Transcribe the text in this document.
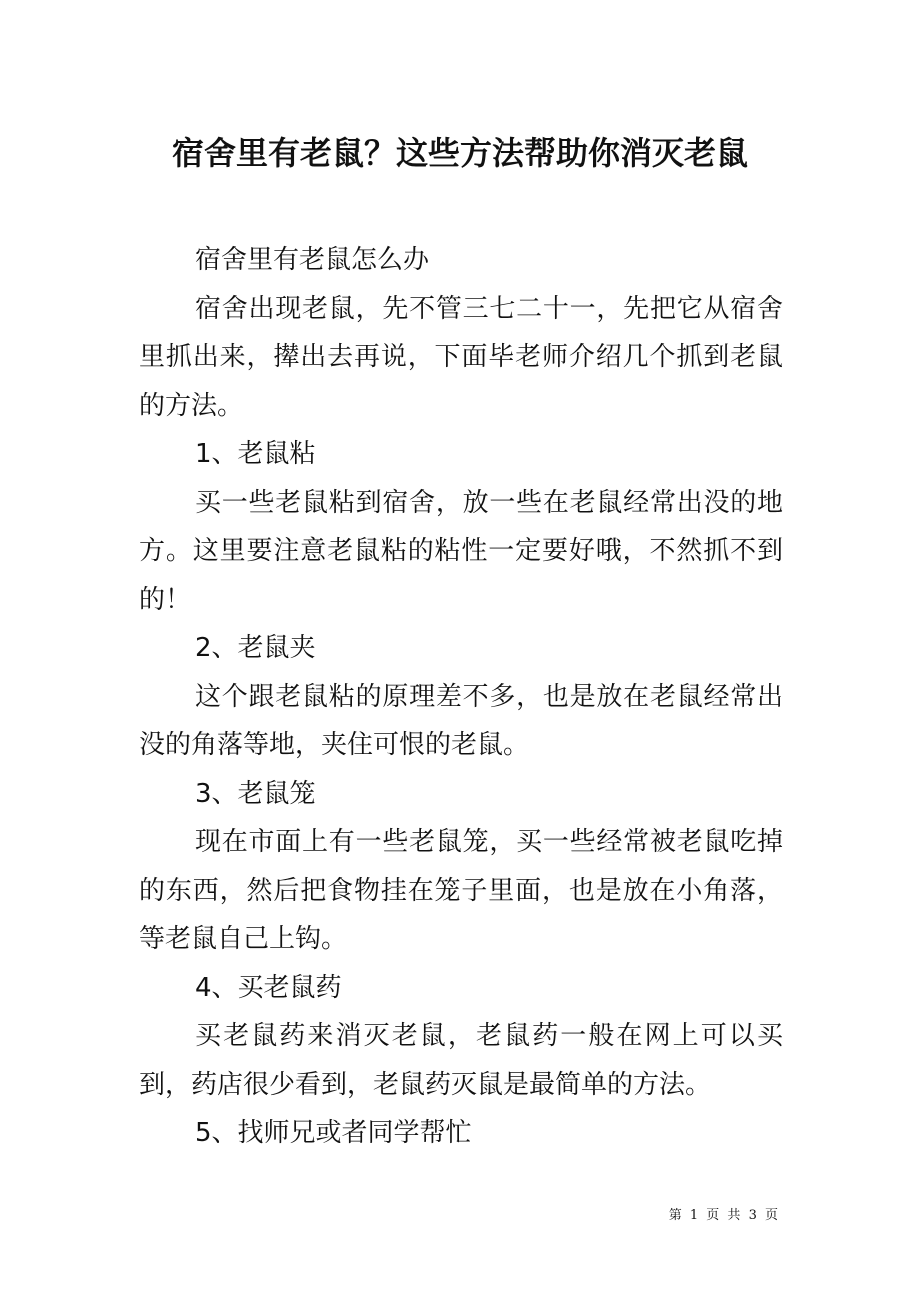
宿舍里有老鼠？这些方法帮助你消灭老鼠

宿舍里有老鼠怎么办

宿舍出现老鼠，先不管三七二十一，先把它从宿舍里抓出来，撵出去再说，下面毕老师介绍几个抓到老鼠的方法。

1、老鼠粘

买一些老鼠粘到宿舍，放一些在老鼠经常出没的地方。这里要注意老鼠粘的粘性一定要好哦，不然抓不到的！

2、老鼠夹

这个跟老鼠粘的原理差不多，也是放在老鼠经常出没的角落等地，夹住可恨的老鼠。

3、老鼠笼

现在市面上有一些老鼠笼，买一些经常被老鼠吃掉的东西，然后把食物挂在笼子里面，也是放在小角落，等老鼠自己上钩。

4、买老鼠药

买老鼠药来消灭老鼠，老鼠药一般在网上可以买到，药店很少看到，老鼠药灭鼠是最简单的方法。

5、找师兄或者同学帮忙

第 1 页 共 3 页
